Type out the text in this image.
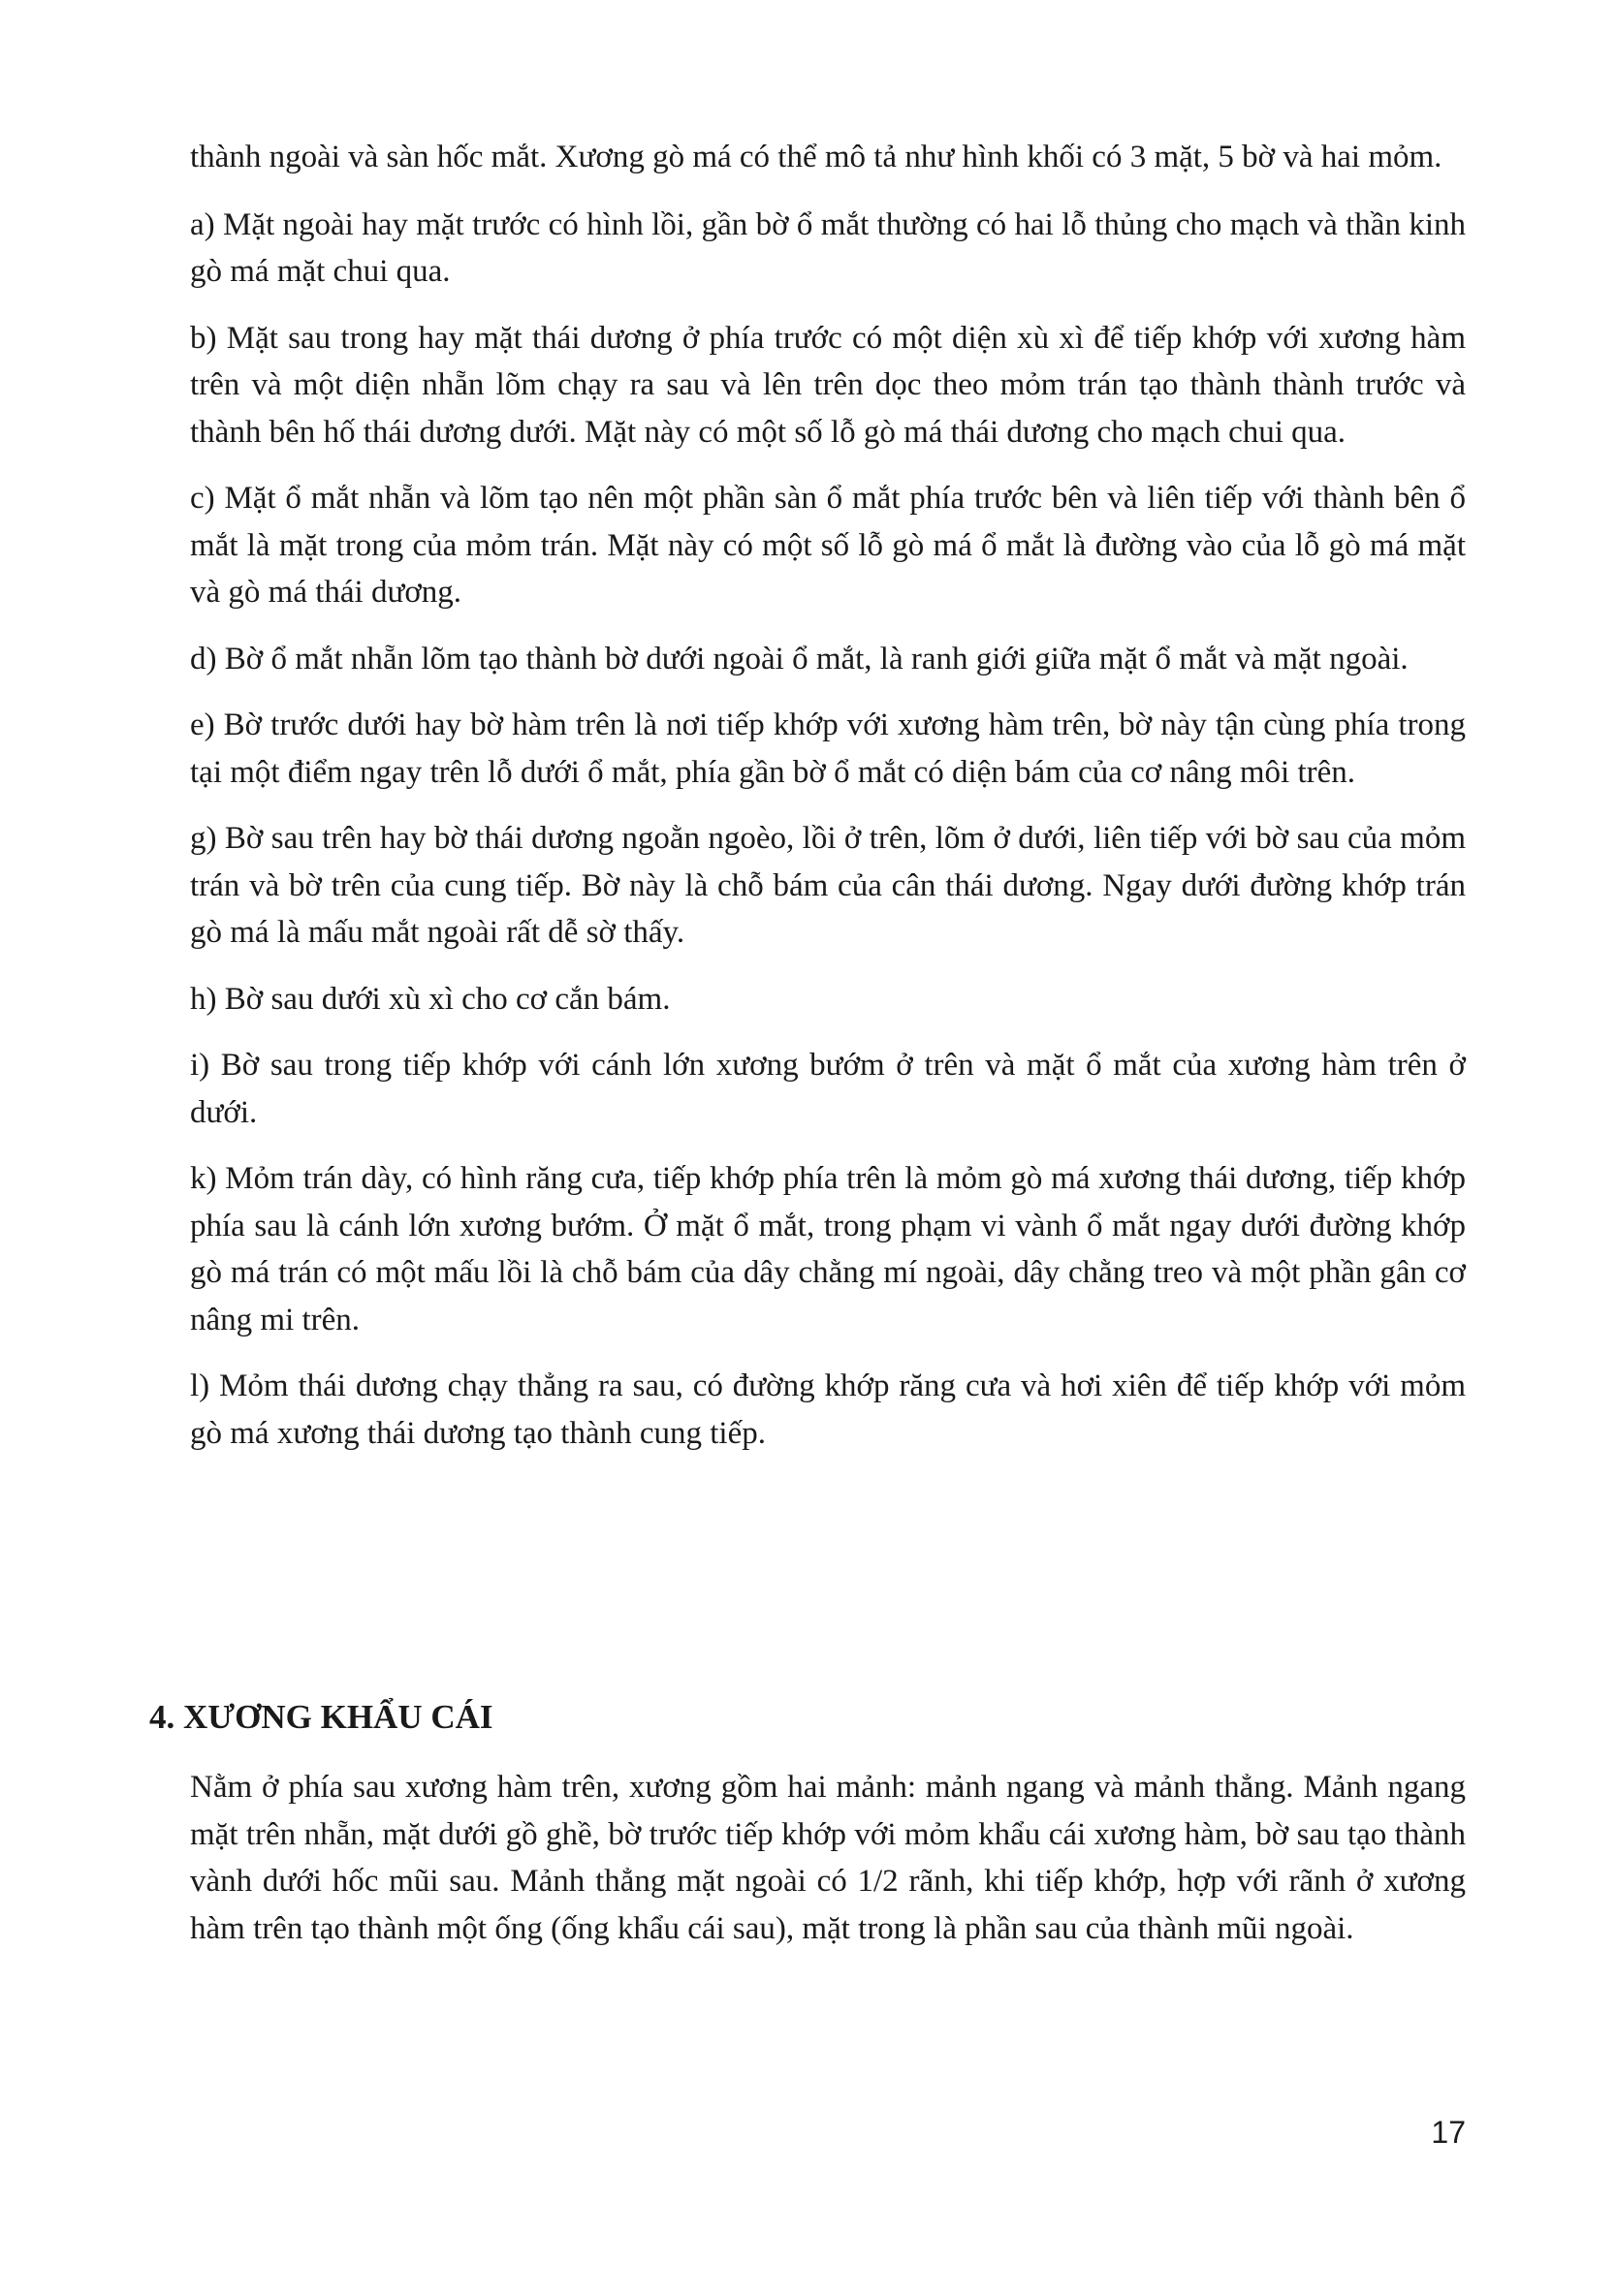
thành ngoài và sàn hốc mắt. Xương gò má có thể mô tả như hình khối có 3 mặt, 5 bờ và hai mỏm.

a) Mặt ngoài hay mặt trước có hình lồi, gần bờ ổ mắt thường có hai lỗ thủng cho mạch và thần kinh gò má mặt chui qua.

b) Mặt sau trong hay mặt thái dương ở phía trước có một diện xù xì để tiếp khớp với xương hàm trên và một diện nhẵn lõm chạy ra sau và lên trên dọc theo mỏm trán tạo thành thành trước và thành bên hố thái dương dưới. Mặt này có một số lỗ gò má thái dương cho mạch chui qua.

c) Mặt ổ mắt nhẵn và lõm tạo nên một phần sàn ổ mắt phía trước bên và liên tiếp với thành bên ổ mắt là mặt trong của mỏm trán. Mặt này có một số lỗ gò má ổ mắt là đường vào của lỗ gò má mặt và gò má thái dương.

d) Bờ ổ mắt nhẵn lõm tạo thành bờ dưới ngoài ổ mắt, là ranh giới giữa mặt ổ mắt và mặt ngoài.

e) Bờ trước dưới hay bờ hàm trên là nơi tiếp khớp với xương hàm trên, bờ này tận cùng phía trong tại một điểm ngay trên lỗ dưới ổ mắt, phía gần bờ ổ mắt có diện bám của cơ nâng môi trên.

g) Bờ sau trên hay bờ thái dương ngoằn ngoèo, lồi ở trên, lõm ở dưới, liên tiếp với bờ sau của mỏm trán và bờ trên của cung tiếp. Bờ này là chỗ bám của cân thái dương. Ngay dưới đường khớp trán gò má là mấu mắt ngoài rất dễ sờ thấy.

h) Bờ sau dưới xù xì cho cơ cắn bám.

i) Bờ sau trong tiếp khớp với cánh lớn xương bướm ở trên và mặt ổ mắt của xương hàm trên ở dưới.

k) Mỏm trán dày, có hình răng cưa, tiếp khớp phía trên là mỏm gò má xương thái dương, tiếp khớp phía sau là cánh lớn xương bướm. Ở mặt ổ mắt, trong phạm vi vành ổ mắt ngay dưới đường khớp gò má trán có một mấu lồi là chỗ bám của dây chằng mí ngoài, dây chằng treo và một phần gân cơ nâng mi trên.

l) Mỏm thái dương chạy thẳng ra sau, có đường khớp răng cưa và hơi xiên để tiếp khớp với mỏm gò má xương thái dương tạo thành cung tiếp.

4. XƯƠNG KHẨU CÁI

Nằm ở phía sau xương hàm trên, xương gồm hai mảnh: mảnh ngang và mảnh thẳng. Mảnh ngang mặt trên nhẵn, mặt dưới gồ ghề, bờ trước tiếp khớp với mỏm khẩu cái xương hàm, bờ sau tạo thành vành dưới hốc mũi sau. Mảnh thẳng mặt ngoài có 1/2 rãnh, khi tiếp khớp, hợp với rãnh ở xương hàm trên tạo thành một ống (ống khẩu cái sau), mặt trong là phần sau của thành mũi ngoài.

17
